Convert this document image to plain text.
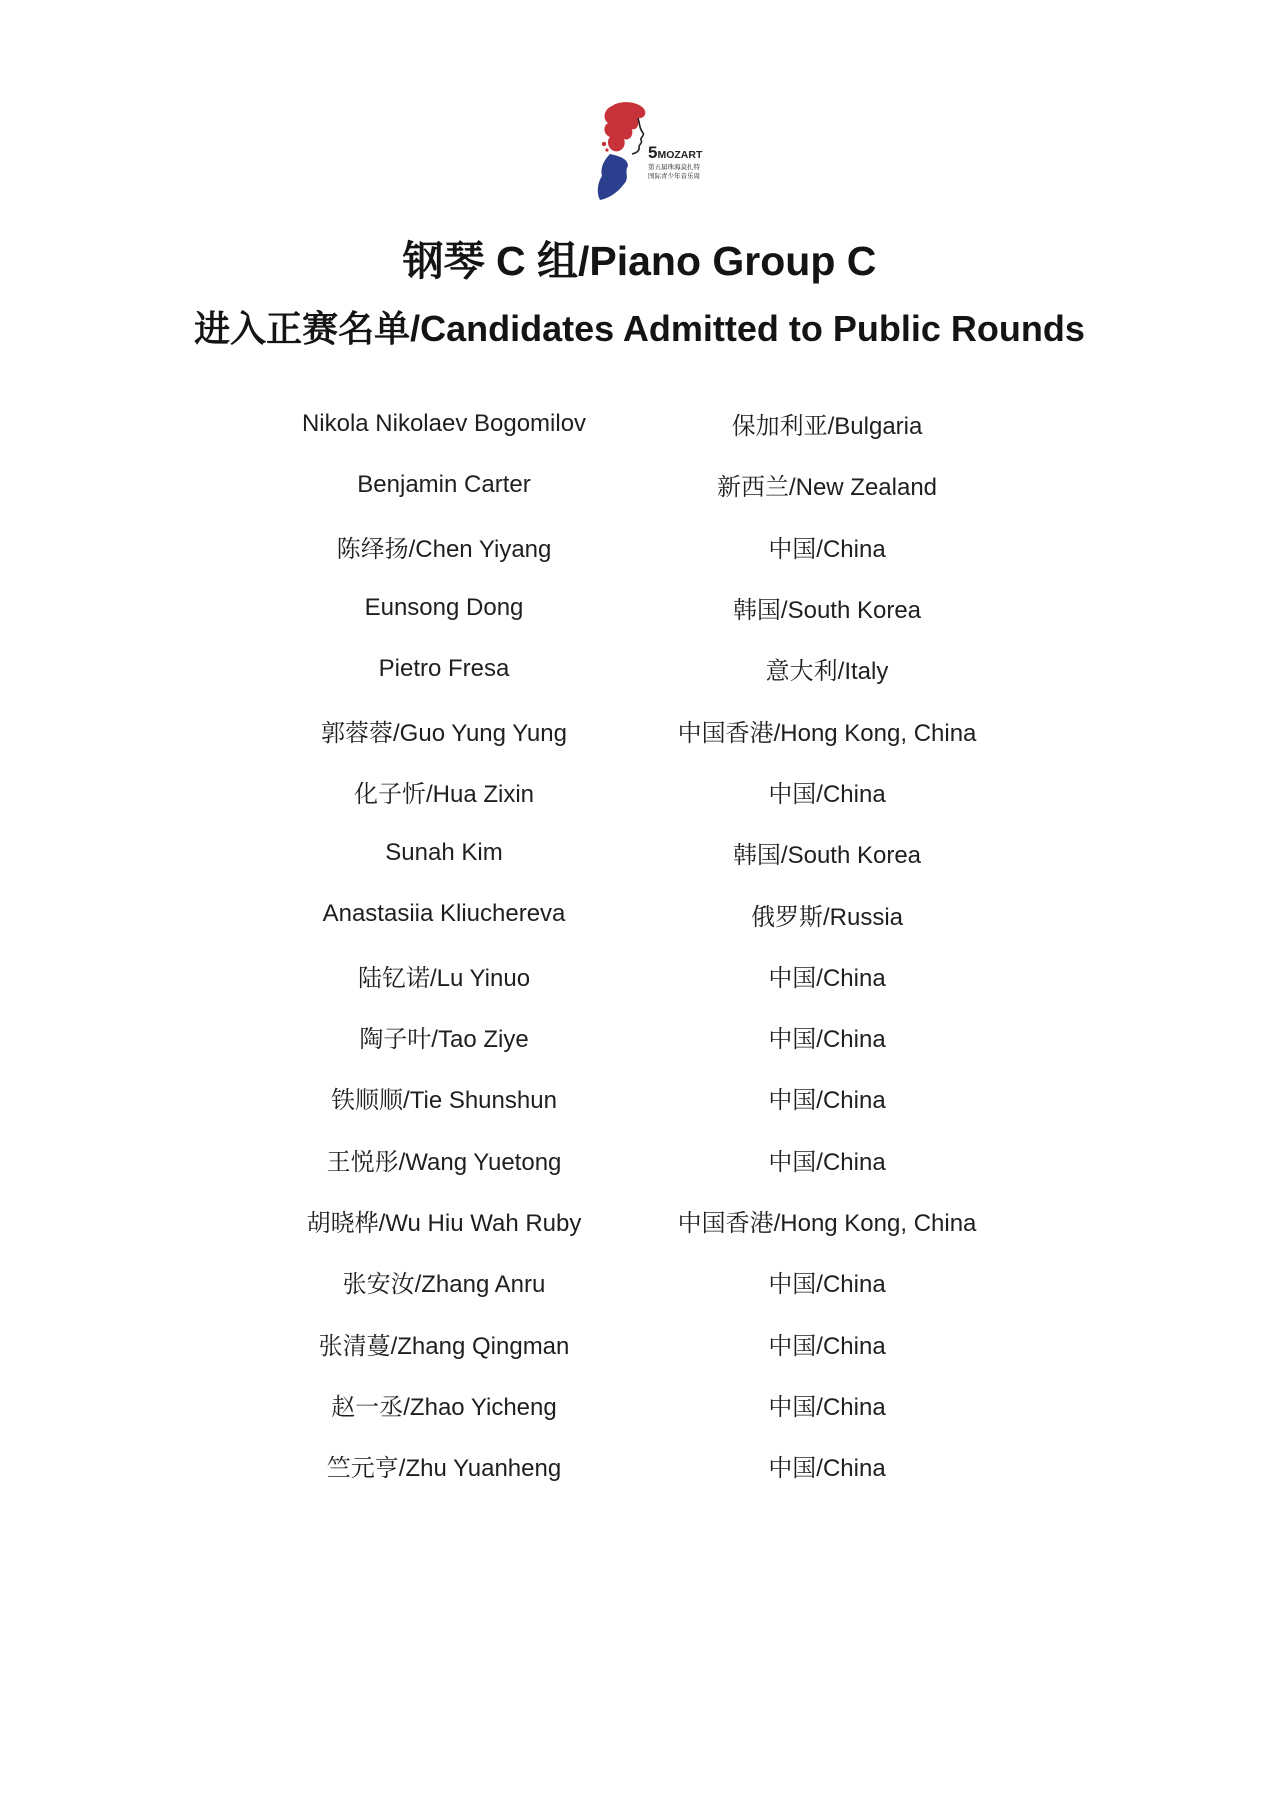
5MOZART
第五届珠海莫扎特
国际青少年音乐周
钢琴 C 组/Piano Group C
进入正赛名单/Candidates Admitted to Public Rounds
Nikola Nikolaev Bogomilov	保加利亚/Bulgaria
Benjamin Carter	新西兰/New Zealand
陈绎扬/Chen Yiyang	中国/China
Eunsong Dong	韩国/South Korea
Pietro Fresa	意大利/Italy
郭蓉蓉/Guo Yung Yung	中国香港/Hong Kong, China
化子忻/Hua Zixin	中国/China
Sunah Kim	韩国/South Korea
Anastasiia Kliuchereva	俄罗斯/Russia
陆钇诺/Lu Yinuo	中国/China
陶子叶/Tao Ziye	中国/China
铁顺顺/Tie Shunshun	中国/China
王悦彤/Wang Yuetong	中国/China
胡晓桦/Wu Hiu Wah Ruby	中国香港/Hong Kong, China
张安汝/Zhang Anru	中国/China
张清蔓/Zhang Qingman	中国/China
赵一丞/Zhao Yicheng	中国/China
竺元亨/Zhu Yuanheng	中国/China
